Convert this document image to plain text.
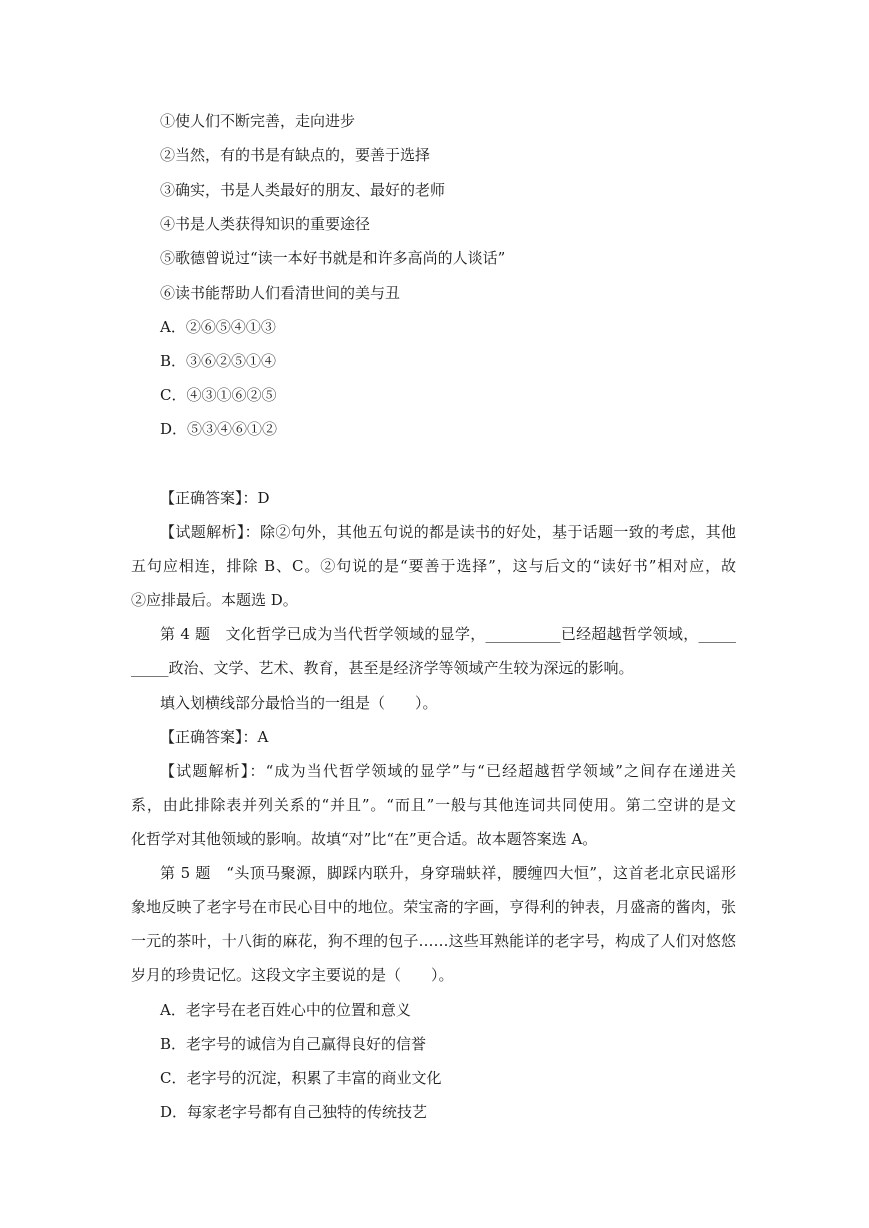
①使人们不断完善，走向进步
②当然，有的书是有缺点的，要善于选择
③确实，书是人类最好的朋友、最好的老师
④书是人类获得知识的重要途径
⑤歌德曾说过“读一本好书就是和许多高尚的人谈话”
⑥读书能帮助人们看清世间的美与丑
A．②⑥⑤④①③
B．③⑥②⑤①④
C．④③①⑥②⑤
D．⑤③④⑥①②
【正确答案】：D
【试题解析】：除②句外，其他五句说的都是读书的好处，基于话题一致的考虑，其他
五句应相连，排除 B、C。②句说的是“要善于选择”，这与后文的“读好书”相对应，故
②应排最后。本题选 D。
第 4 题　文化哲学已成为当代哲学领域的显学，__________已经超越哲学领域，_____
_____政治、文学、艺术、教育，甚至是经济学等领域产生较为深远的影响。
填入划横线部分最恰当的一组是（　　）。
【正确答案】：A
【试题解析】：“成为当代哲学领域的显学”与“已经超越哲学领域”之间存在递进关
系，由此排除表并列关系的“并且”。“而且”一般与其他连词共同使用。第二空讲的是文
化哲学对其他领域的影响。故填“对”比“在”更合适。故本题答案选 A。
第 5 题　“头顶马聚源，脚踩内联升，身穿瑞蚨祥，腰缠四大恒”，这首老北京民谣形
象地反映了老字号在市民心目中的地位。荣宝斋的字画，亨得利的钟表，月盛斋的酱肉，张
一元的茶叶，十八街的麻花，狗不理的包子……这些耳熟能详的老字号，构成了人们对悠悠
岁月的珍贵记忆。这段文字主要说的是（　　）。
A．老字号在老百姓心中的位置和意义
B．老字号的诚信为自己赢得良好的信誉
C．老字号的沉淀，积累了丰富的商业文化
D．每家老字号都有自己独特的传统技艺
